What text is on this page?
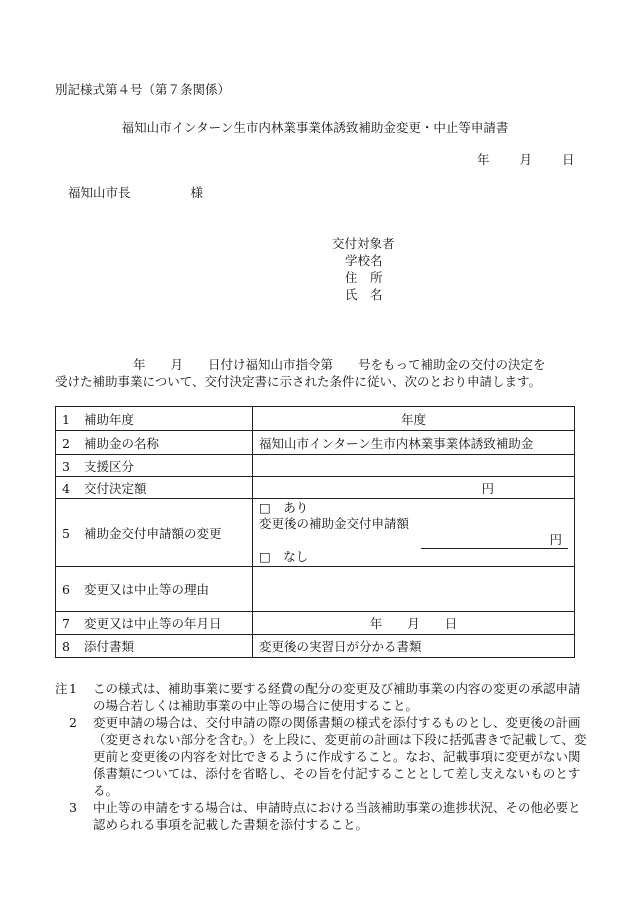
別記様式第４号（第７条関係）
福知山市インターン生市内林業事業体誘致補助金変更・中止等申請書
年 月 日
福知山市長	様
交付対象者
学校名
住　所
氏　名
年　　月　　日付け福知山市指令第　　号をもって補助金の交付の決定を
受けた補助事業について、交付決定書に示された条件に従い、次のとおり申請します。
1 補助年度	年度
2 補助金の名称	福知山市インターン生市内林業事業体誘致補助金
3 支援区分	
4 交付決定額	円
5 補助金交付申請額の変更	□　あり
変更後の補助金交付申請額
円
□　なし

6 変更又は中止等の理由	
7 変更又は中止等の年月日	年　　月　　日
8 添付書類	変更後の実習日が分かる書類
注 1 この様式は、補助事業に要する経費の配分の変更及び補助事業の内容の変更の承認申請の場合若しくは補助事業の中止等の場合に使用すること。
2 変更申請の場合は、交付申請の際の関係書類の様式を添付するものとし、変更後の計画（変更されない部分を含む。）を上段に、変更前の計画は下段に括弧書きで記載して、変更前と変更後の内容を対比できるように作成すること。なお、記載事項に変更がない関係書類については、添付を省略し、その旨を付記することとして差し支えないものとする。
3 中止等の申請をする場合は、申請時点における当該補助事業の進捗状況、その他必要と認められる事項を記載した書類を添付すること。
